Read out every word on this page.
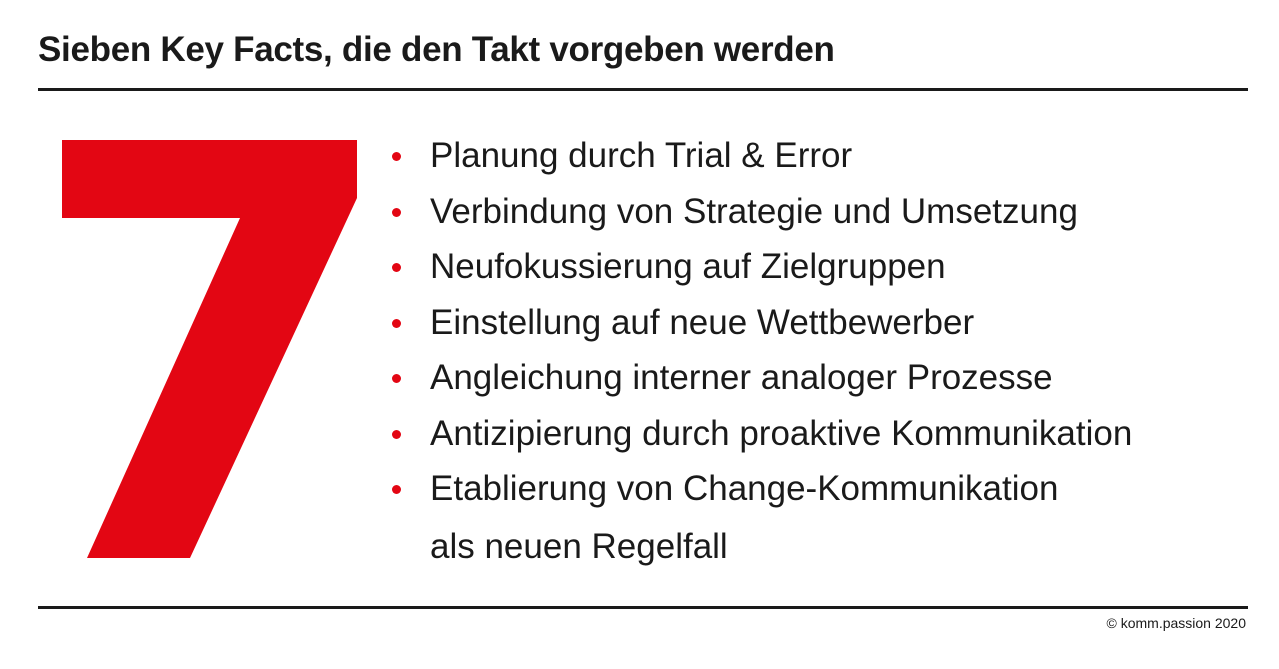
Sieben Key Facts, die den Takt vorgeben werden
Planung durch Trial & Error
Verbindung von Strategie und Umsetzung
Neufokussierung auf Zielgruppen
Einstellung auf neue Wettbewerber
Angleichung interner analoger Prozesse
Antizipierung durch proaktive Kommunikation
Etablierung von Change-Kommunikation
als neuen Regelfall
© komm.passion 2020
